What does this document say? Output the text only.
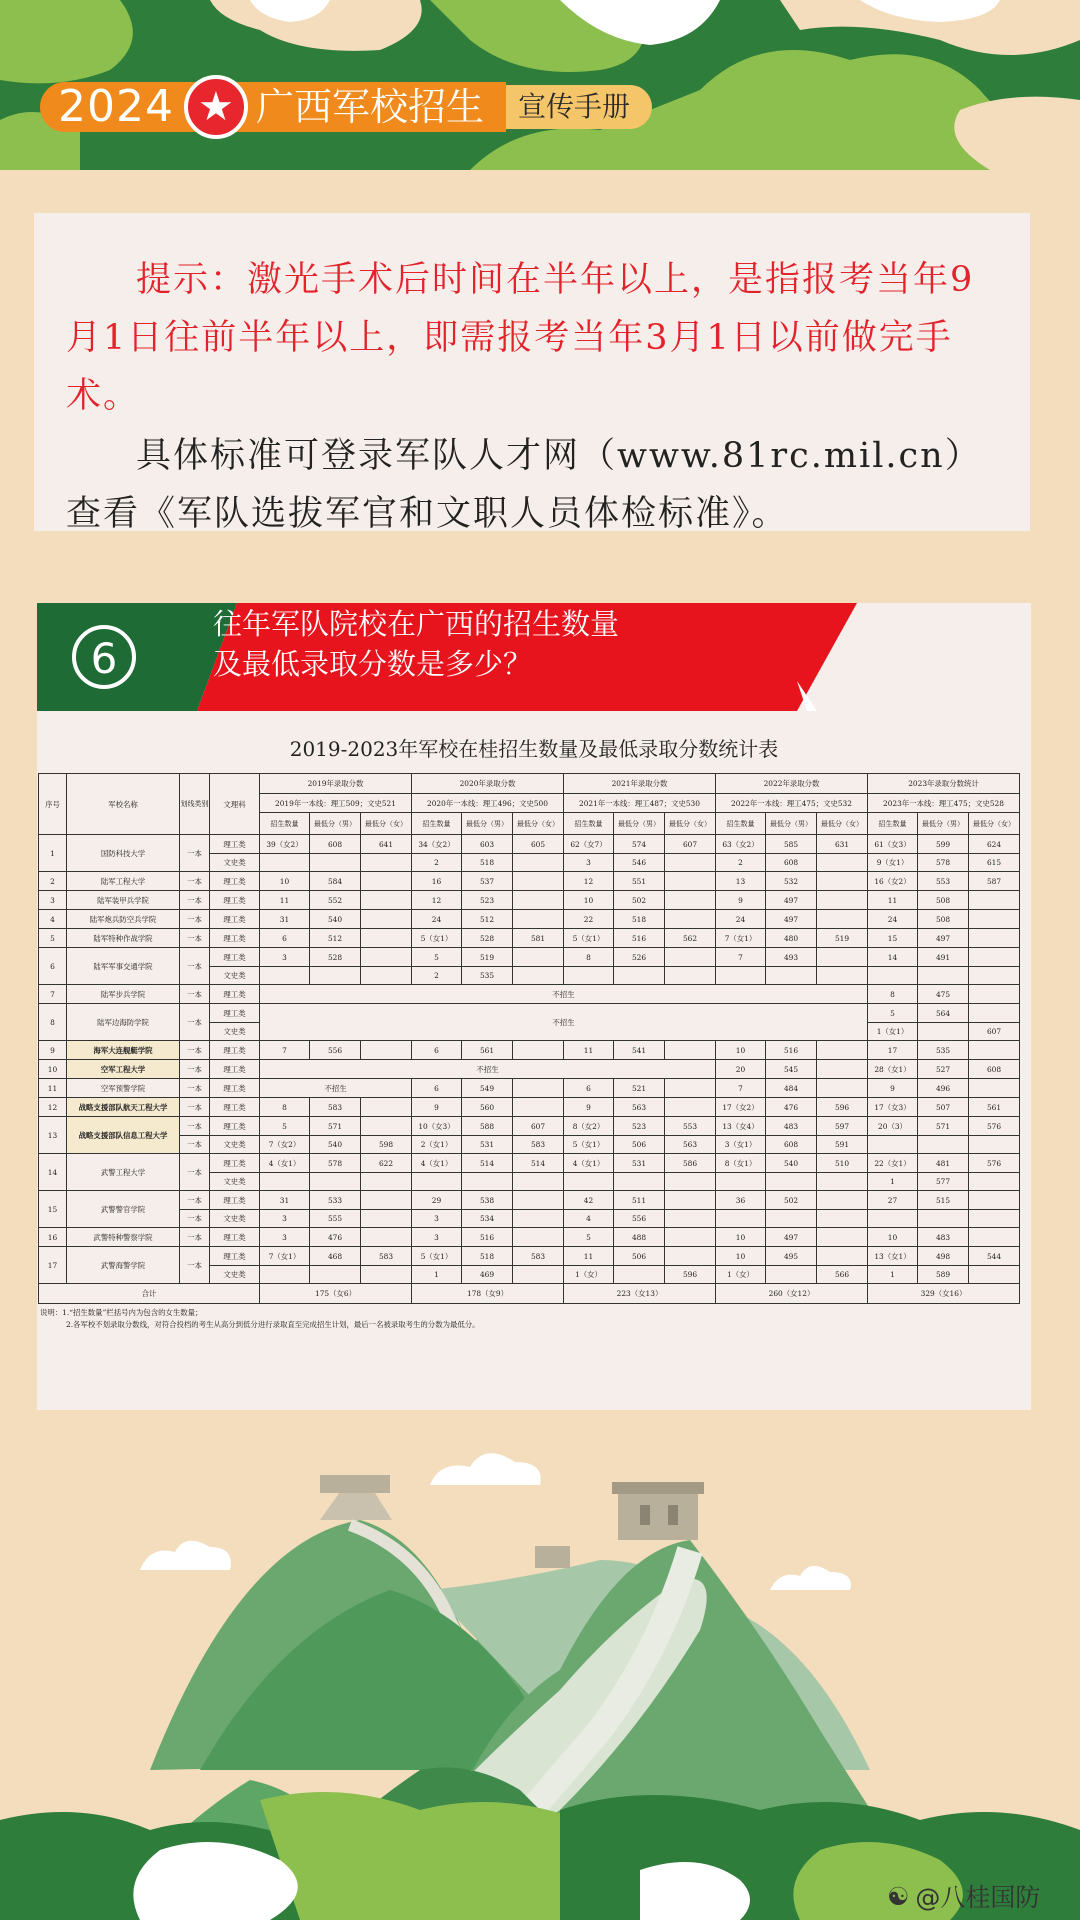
2024 ★ 广西军校招生	宣传手册
提示：激光手术后时间在半年以上，是指报考当年9月1日往前半年以上，即需报考当年3月1日以前做完手术。
具体标准可登录军队人才网（www.81rc.mil.cn）查看《军队选拔军官和文职人员体检标准》。
6
往年军队院校在广西的招生数量
及最低录取分数是多少？
2019-2023年军校在桂招生数量及最低录取分数统计表
序号	军校名称	划线类别	文理科	2019年录取分数			2020年录取分数			2021年录取分数			2022年录取分数			2023年录取分数统计		
				2019年一本线：理工509；文史521			2020年一本线：理工496；文史500			2021年一本线：理工487；文史530			2022年一本线：理工475；文史532			2023年一本线：理工475；文史528		
				招生数量	最低分（男）	最低分（女）	招生数量	最低分（男）	最低分（女）	招生数量	最低分（男）	最低分（女）	招生数量	最低分（男）	最低分（女）	招生数量	最低分（男）	最低分（女）
1	国防科技大学	一本	理工类	39（女2）	608	641	34（女2）	603	605	62（女7）	574	607	63（女2）	585	631	61（女3）	599	624
			文史类				2	518		3	546		2	608		9（女1）	578	615
2	陆军工程大学	一本	理工类	10	584		16	537		12	551		13	532		16（女2）	553	587
3	陆军装甲兵学院	一本	理工类	11	552		12	523		10	502		9	497		11	508	
4	陆军炮兵防空兵学院	一本	理工类	31	540		24	512		22	518		24	497		24	508	
5	陆军特种作战学院	一本	理工类	6	512		5（女1）	528	581	5（女1）	516	562	7（女1）	480	519	15	497	
6	陆军军事交通学院	一本	理工类	3	528		5	519		8	526		7	493		14	491	
			文史类				2	535										
7	陆军步兵学院	一本	理工类	不招生												8	475	
8	陆军边海防学院	一本	理工类	不招生												5	564	
			文史类													1（女1）		607
9	海军大连舰艇学院	一本	理工类	7	556		6	561		11	541		10	516		17	535	
10	空军工程大学	一本	理工类	不招生									20	545		28（女1）	527	608
11	空军预警学院	一本	理工类	不招生			6	549		6	521		7	484		9	496	
12	战略支援部队航天工程大学	一本	理工类	8	583		9	560		9	563		17（女2）	476	596	17（女3）	507	561
13	战略支援部队信息工程大学	一本	理工类	5	571		10（女3）	588	607	8（女2）	523	553	13（女4）	483	597	20（3）	571	576
		一本	文史类	7（女2）	540	598	2（女1）	531	583	5（女1）	506	563	3（女1）	608	591			
14	武警工程大学	一本	理工类	4（女1）	578	622	4（女1）	514	514	4（女1）	531	586	8（女1）	540	510	22（女1）	481	576
			文史类													1	577	
15	武警警官学院	一本	理工类	31	533		29	538		42	511		36	502		27	515	
		一本	文史类	3	555		3	534		4	556							
16	武警特种警察学院	一本	理工类	3	476		3	516		5	488		10	497		10	483	
17	武警海警学院	一本	理工类	7（女1）	468	583	5（女1）	518	583	11	506		10	495		13（女1）	498	544
			文史类				1	469		1（女）		596	1（女）		566	1	589	
合计				175（女6）			178（女9）			223（女13）			260（女12）			329（女16）		
说明：1.“招生数量”栏括号内为包含的女生数量；
2.各军校不划录取分数线，对符合投档的考生从高分到低分进行录取直至完成招生计划，最后一名被录取考生的分数为最低分。
☯ @八桂国防
